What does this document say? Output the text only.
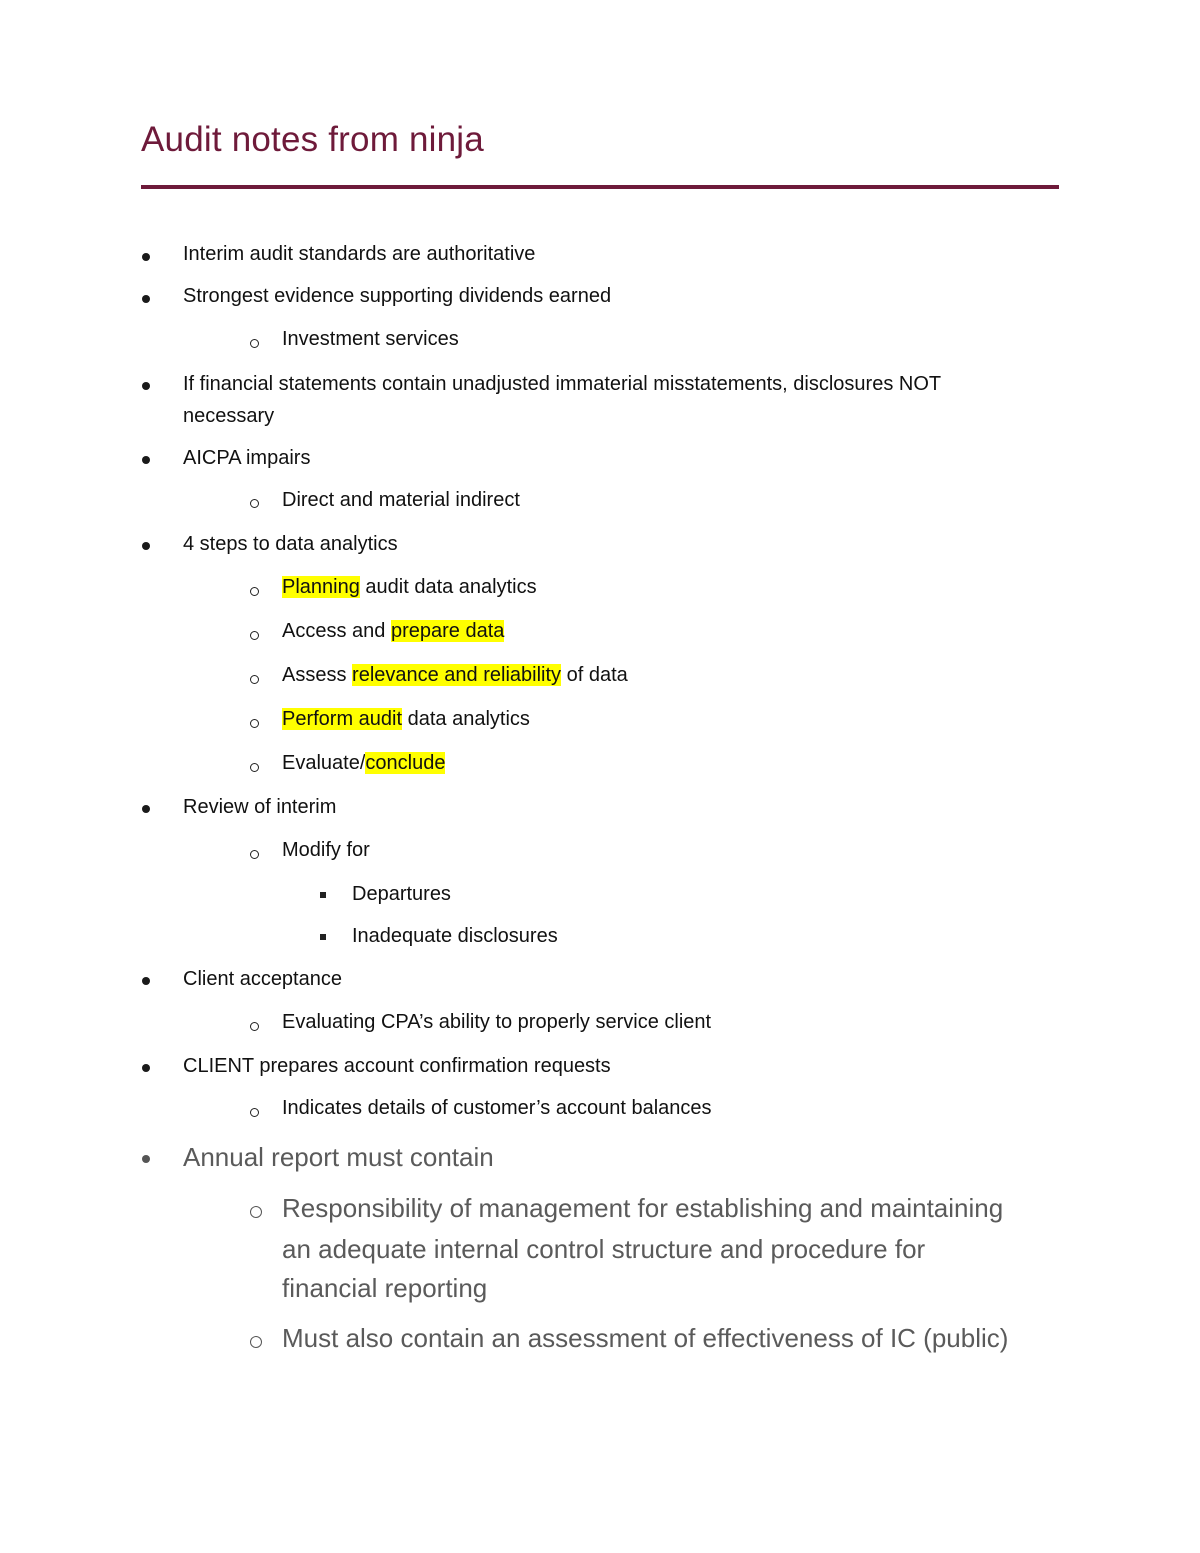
Audit notes from ninja
Interim audit standards are authoritative
Strongest evidence supporting dividends earned
Investment services
If financial statements contain unadjusted immaterial misstatements, disclosures NOT
necessary
AICPA impairs
Direct and material indirect
4 steps to data analytics
Planning audit data analytics
Access and prepare data
Assess relevance and reliability of data
Perform audit data analytics
Evaluate/conclude
Review of interim
Modify for
Departures
Inadequate disclosures
Client acceptance
Evaluating CPA’s ability to properly service client
CLIENT prepares account confirmation requests
Indicates details of customer’s account balances
Annual report must contain
Responsibility of management for establishing and maintaining
an adequate internal control structure and procedure for
financial reporting
Must also contain an assessment of effectiveness of IC (public)
